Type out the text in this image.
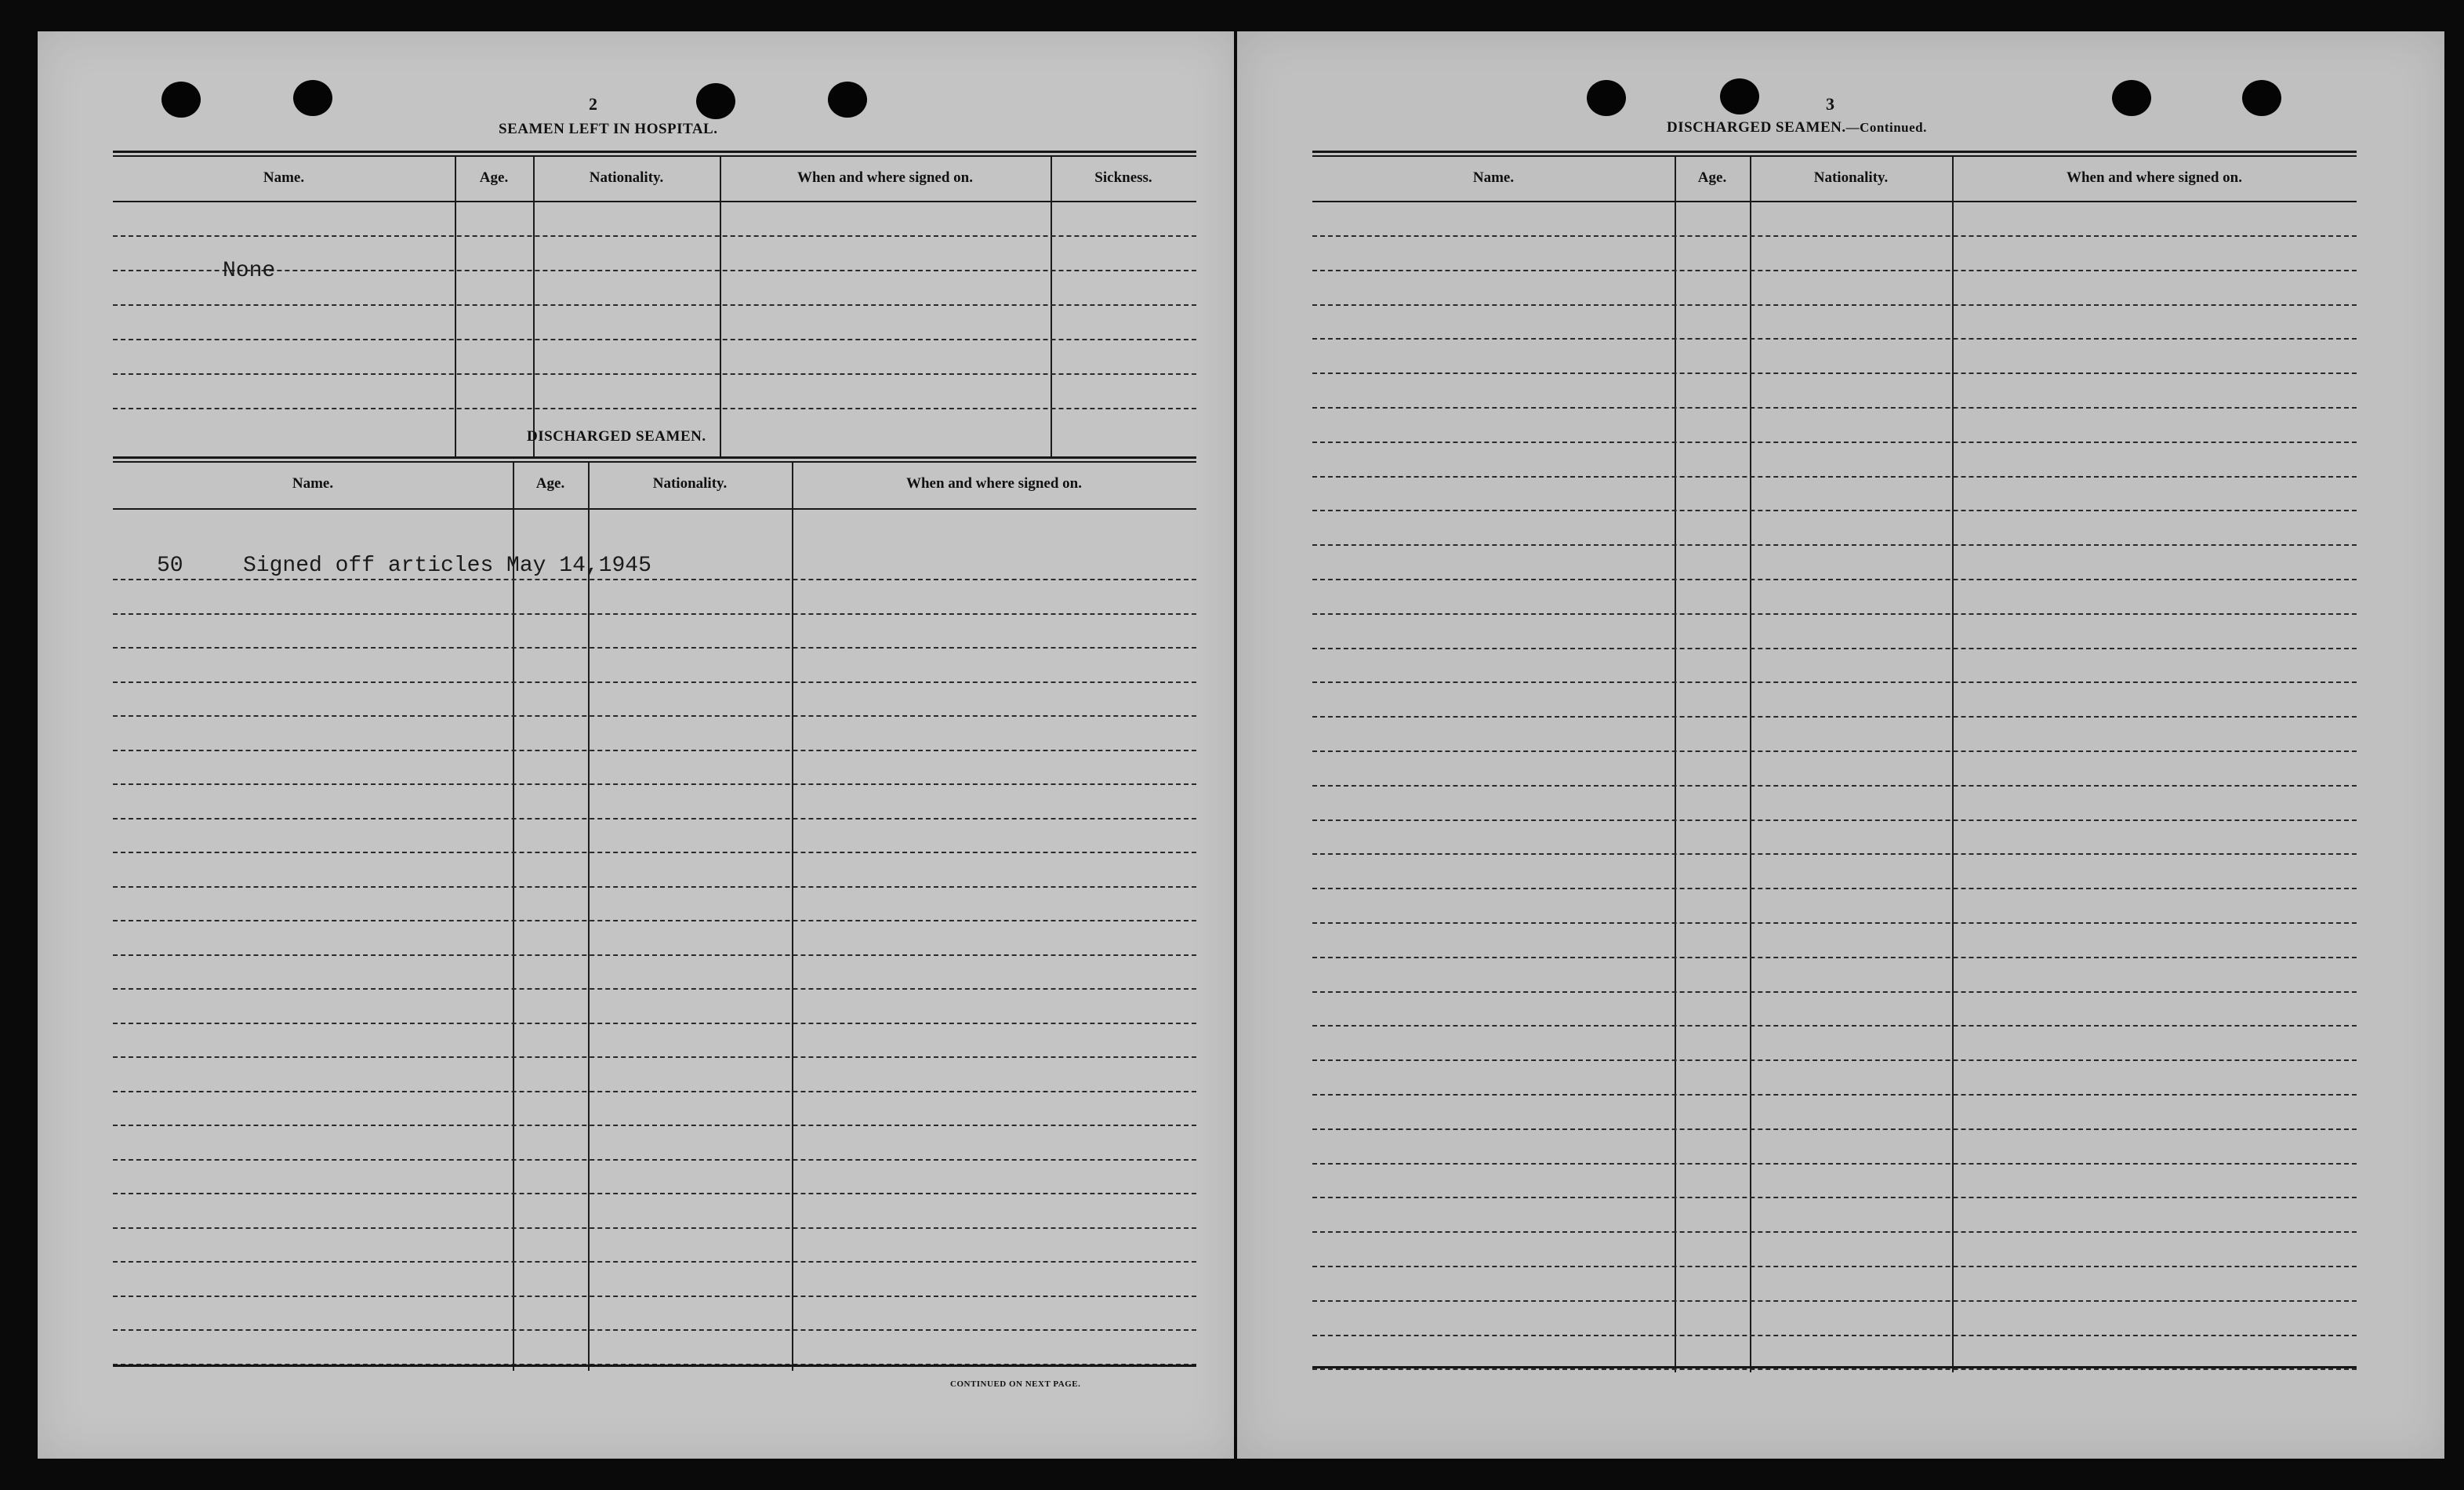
2
SEAMEN LEFT IN HOSPITAL.
Name.	Age.	Nationality.	When and where signed on.	Sickness.
None
DISCHARGED SEAMEN.
Name.	Age.	Nationality.	When and where signed on.
50	Signed off articles May 14,1945
CONTINUED ON NEXT PAGE.
3
DISCHARGED SEAMEN.—Continued.
Name.	Age.	Nationality.	When and where signed on.
